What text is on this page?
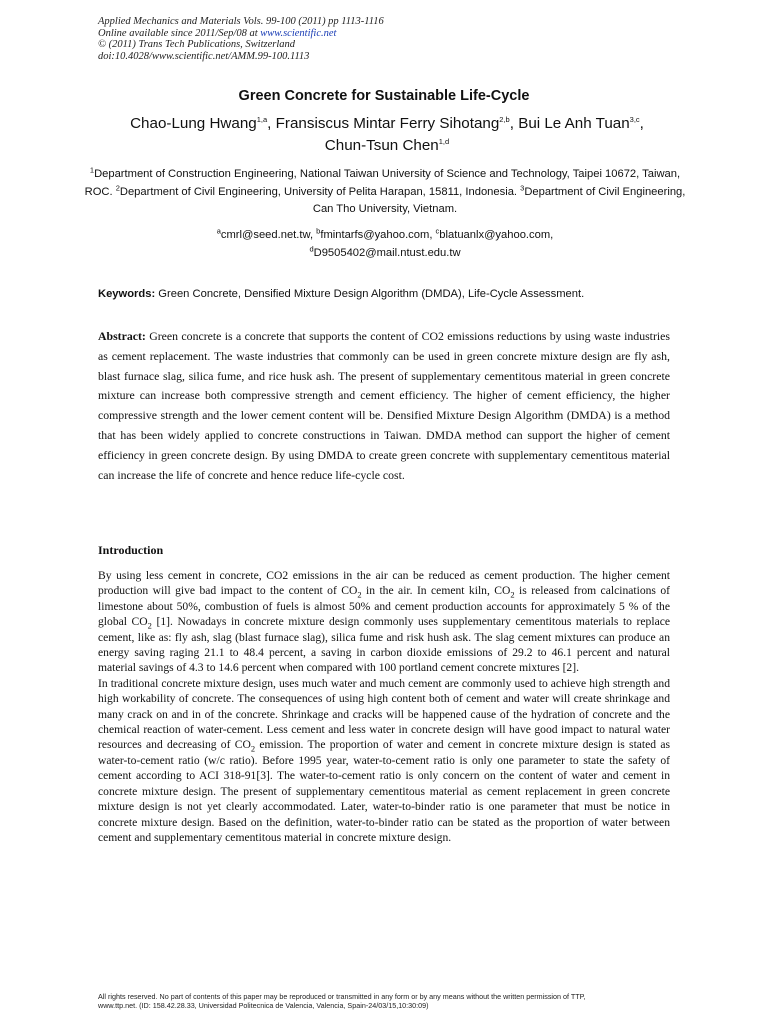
Applied Mechanics and Materials Vols. 99-100 (2011) pp 1113-1116
Online available since 2011/Sep/08 at www.scientific.net
© (2011) Trans Tech Publications, Switzerland
doi:10.4028/www.scientific.net/AMM.99-100.1113
Green Concrete for Sustainable Life-Cycle
Chao-Lung Hwang$^{1,a}$, Fransiscus Mintar Ferry Sihotang$^{2,b}$, Bui Le Anh Tuan$^{3,c}$,
Chun-Tsun Chen$^{1,d}$
$^1$Department of Construction Engineering, National Taiwan University of Science and Technology, Taipei 10672, Taiwan, ROC. $^2$Department of Civil Engineering, University of Pelita Harapan, 15811, Indonesia. $^3$Department of Civil Engineering, Can Tho University, Vietnam.
$^a$cmrl@seed.net.tw, $^b$fmintarfs@yahoo.com, $^c$blatuanlx@yahoo.com,
$^d$D9505402@mail.ntust.edu.tw
Keywords: Green Concrete, Densified Mixture Design Algorithm (DMDA), Life-Cycle Assessment.
Abstract: Green concrete is a concrete that supports the content of CO2 emissions reductions by using waste industries as cement replacement. The waste industries that commonly can be used in green concrete mixture design are fly ash, blast furnace slag, silica fume, and rice husk ash. The present of supplementary cementitous material in green concrete mixture can increase both compressive strength and cement efficiency. The higher of cement efficiency, the higher compressive strength and the lower cement content will be. Densified Mixture Design Algorithm (DMDA) is a method that has been widely applied to concrete constructions in Taiwan. DMDA method can support the higher of cement efficiency in green concrete design. By using DMDA to create green concrete with supplementary cementitous material can increase the life of concrete and hence reduce life-cycle cost.
Introduction

By using less cement in concrete, CO2 emissions in the air can be reduced as cement production. The higher cement production will give bad impact to the content of $CO_2$ in the air. In cement kiln, $CO_2$ is released from calcinations of limestone about 50%, combustion of fuels is almost 50% and cement production accounts for approximately 5 % of the global $CO_2$ [1]. Nowadays in concrete mixture design commonly uses supplementary cementitous materials to replace cement, like as: fly ash, slag (blast furnace slag), silica fume and risk hush ask. The slag cement mixtures can produce an energy saving raging 21.1 to 48.4 percent, a saving in carbon dioxide emissions of 29.2 to 46.1 percent and natural material savings of 4.3 to 14.6 percent when compared with 100 portland cement concrete mixtures [2].

In traditional concrete mixture design, uses much water and much cement are commonly used to achieve high strength and high workability of concrete. The consequences of using high content both of cement and water will create shrinkage and many crack on and in of the concrete. Shrinkage and cracks will be happened cause of the hydration of concrete and the chemical reaction of water-cement. Less cement and less water in concrete design will have good impact to natural water resources and decreasing of $CO_2$ emission. The proportion of water and cement in concrete mixture design is stated as water-to-cement ratio (w/c ratio). Before 1995 year, water-to-cement ratio is only one parameter to state the safety of cement according to ACI 318-91[3]. The water-to-cement ratio is only concern on the content of water and cement in concrete mixture design. The present of supplementary cementitous material as cement replacement in green concrete mixture design is not yet clearly accommodated. Later, water-to-binder ratio is one parameter that must be notice in concrete mixture design. Based on the definition, water-to-binder ratio can be stated as the proportion of water between cement and supplementary cementitous material in concrete mixture design.

All rights reserved. No part of contents of this paper may be reproduced or transmitted in any form or by any means without the written permission of TTP,
www.ttp.net. (ID: 158.42.28.33, Universidad Politecnica de Valencia, Valencia, Spain-24/03/15,10:30:09)
